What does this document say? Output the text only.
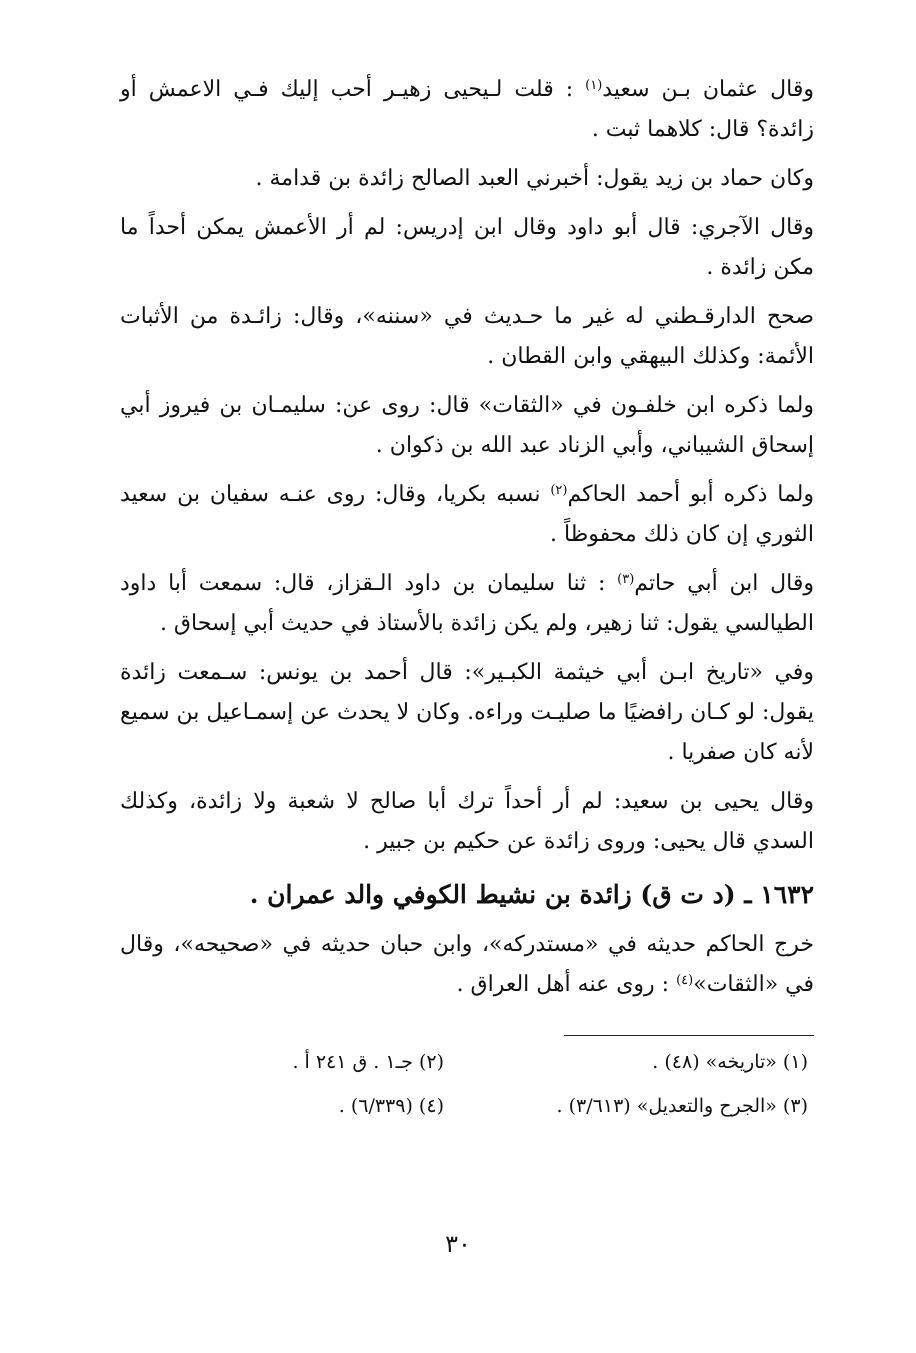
وقال عثمان بـن سعيد$^{(١)}$ : قلت لـيحيى زهيـر أحب إليك فـي الاعمش أو زائدة؟ قال: كلاهما ثبت .

وكان حماد بن زيد يقول: أخبرني العبد الصالح زائدة بن قدامة .

وقال الآجري: قال أبو داود وقال ابن إدريس: لم أر الأعمش يمكن أحداً ما مكن زائدة .

صحح الدارقـطني له غير ما حـديث في «سننه»، وقال: زائـدة من الأثبات الأئمة: وكذلك البيهقي وابن القطان .

ولما ذكره ابن خلفـون في «الثقات» قال: روى عن: سليمـان بن فيروز أبي إسحاق الشيباني، وأبي الزناد عبد الله بن ذكوان .

ولما ذكره أبو أحمد الحاكم$^{(٢)}$ نسبه بكريا، وقال: روى عنـه سفيان بن سعيد الثوري إن كان ذلك محفوظاً .

وقال ابن أبي حاتم$^{(٣)}$ : ثنا سليمان بن داود الـقزاز، قال: سمعت أبا داود الطيالسي يقول: ثنا زهير، ولم يكن زائدة بالأستاذ في حديث أبي إسحاق .

وفي «تاريخ ابـن أبي خيثمة الكبـير»: قال أحمد بن يونس: سـمعت زائدة يقول: لو كـان رافضيًا ما صليـت وراءه. وكان لا يحدث عن إسمـاعيل بن سميع لأنه كان صفريا .

وقال يحيى بن سعيد: لم أر أحداً ترك أبا صالح لا شعبة ولا زائدة، وكذلك السدي قال يحيى: وروى زائدة عن حكيم بن جبير .

١٦٣٢ ـ (د ت ق) زائدة بن نشيط الكوفي والد عمران .

خرج الحاكم حديثه في «مستدركه»، وابن حبان حديثه في «صحيحه»، وقال في «الثقات»$^{(٤)}$ : روى عنه أهل العراق .

(١) «تاريخه» (٤٨) .
(٢) جـ١ . ق ٢٤١ أ .
(٣) «الجرح والتعديل» (٣/٦١٣) .
(٤) (٦/٣٣٩) .
٣٠
